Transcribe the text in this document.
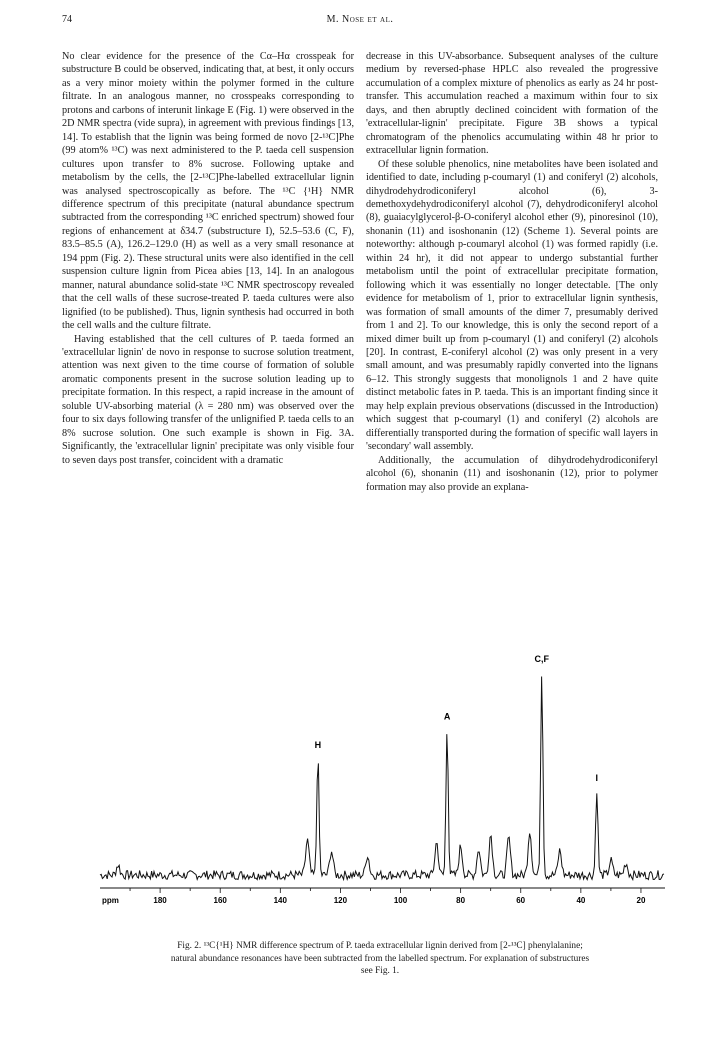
74	M. Nose et al.

No clear evidence for the presence of the Cα–Hα crosspeak for substructure B could be observed, indicating that, at best, it only occurs as a very minor moiety within the polymer formed in the culture filtrate. In an analogous manner, no crosspeaks corresponding to protons and carbons of interunit linkage E (Fig. 1) were observed in the 2D NMR spectra (vide supra), in agreement with previous findings [13, 14]. To establish that the lignin was being formed de novo [2-¹³C]Phe (99 atom% ¹³C) was next administered to the P. taeda cell suspension cultures upon transfer to 8% sucrose. Following uptake and metabolism by the cells, the [2-¹³C]Phe-labelled extracellular lignin was analysed spectroscopically as before. The ¹³C {¹H} NMR difference spectrum of this precipitate (natural abundance spectrum subtracted from the corresponding ¹³C enriched spectrum) showed four regions of enhancement at δ34.7 (substructure I), 52.5–53.6 (C, F), 83.5–85.5 (A), 126.2–129.0 (H) as well as a very small resonance at 194 ppm (Fig. 2). These structural units were also identified in the cell suspension culture lignin from Picea abies [13, 14]. In an analogous manner, natural abundance solid-state ¹³C NMR spectroscopy revealed that the cell walls of these sucrose-treated P. taeda cultures were also lignified (to be published). Thus, lignin synthesis had occurred in both the cell walls and the culture filtrate.

Having established that the cell cultures of P. taeda formed an 'extracellular lignin' de novo in response to sucrose solution treatment, attention was next given to the time course of formation of soluble aromatic components present in the sucrose solution leading up to precipitate formation. In this respect, a rapid increase in the amount of soluble UV-absorbing material (λ = 280 nm) was observed over the four to six days following transfer of the unlignified P. taeda cells to an 8% sucrose solution. One such example is shown in Fig. 3A. Significantly, the 'extracellular lignin' precipitate was only visible four to seven days post transfer, coincident with a dramatic

decrease in this UV-absorbance. Subsequent analyses of the culture medium by reversed-phase HPLC also revealed the progressive accumulation of a complex mixture of phenolics as early as 24 hr post-transfer. This accumulation reached a maximum within four to six days, and then abruptly declined coincident with formation of the 'extracellular-lignin' precipitate. Figure 3B shows a typical chromatogram of the phenolics accumulating within 48 hr prior to extracellular lignin formation.

Of these soluble phenolics, nine metabolites have been isolated and identified to date, including p-coumaryl (1) and coniferyl (2) alcohols, dihydrodehydrodiconiferyl alcohol (6), 3-demethoxydehydrodiconiferyl alcohol (7), dehydrodiconiferyl alcohol (8), guaiacylglycerol-β-O-coniferyl alcohol ether (9), pinoresinol (10), shonanin (11) and isoshonanin (12) (Scheme 1). Several points are noteworthy: although p-coumaryl alcohol (1) was formed rapidly (i.e. within 24 hr), it did not appear to undergo substantial further metabolism until the point of extracellular precipitate formation, following which it was essentially no longer detectable. [The only evidence for metabolism of 1, prior to extracellular lignin synthesis, was formation of small amounts of the dimer 7, presumably derived from 1 and 2]. To our knowledge, this is only the second report of a mixed dimer built up from p-coumaryl (1) and coniferyl (2) alcohols [20]. In contrast, E-coniferyl alcohol (2) was only present in a very small amount, and was presumably rapidly converted into the lignans 6–12. This strongly suggests that monolignols 1 and 2 have quite distinct metabolic fates in P. taeda. This is an important finding since it may help explain previous observations (discussed in the Introduction) which suggest that p-coumaryl (1) and coniferyl (2) alcohols are differentially transported during the formation of specific wall layers in 'secondary' wall assembly.

Additionally, the accumulation of dihydrodehydrodiconiferyl alcohol (6), shonanin (11) and isoshonanin (12), prior to polymer formation may also provide an explana-

H
A
C,F
I
ppm	180	160	140	120	100	80	60	40	20
Fig. 2. ¹³C{¹H} NMR difference spectrum of P. taeda extracellular lignin derived from [2-¹³C] phenylalanine;
natural abundance resonances have been subtracted from the labelled spectrum. For explanation of substructures
see Fig. 1.
